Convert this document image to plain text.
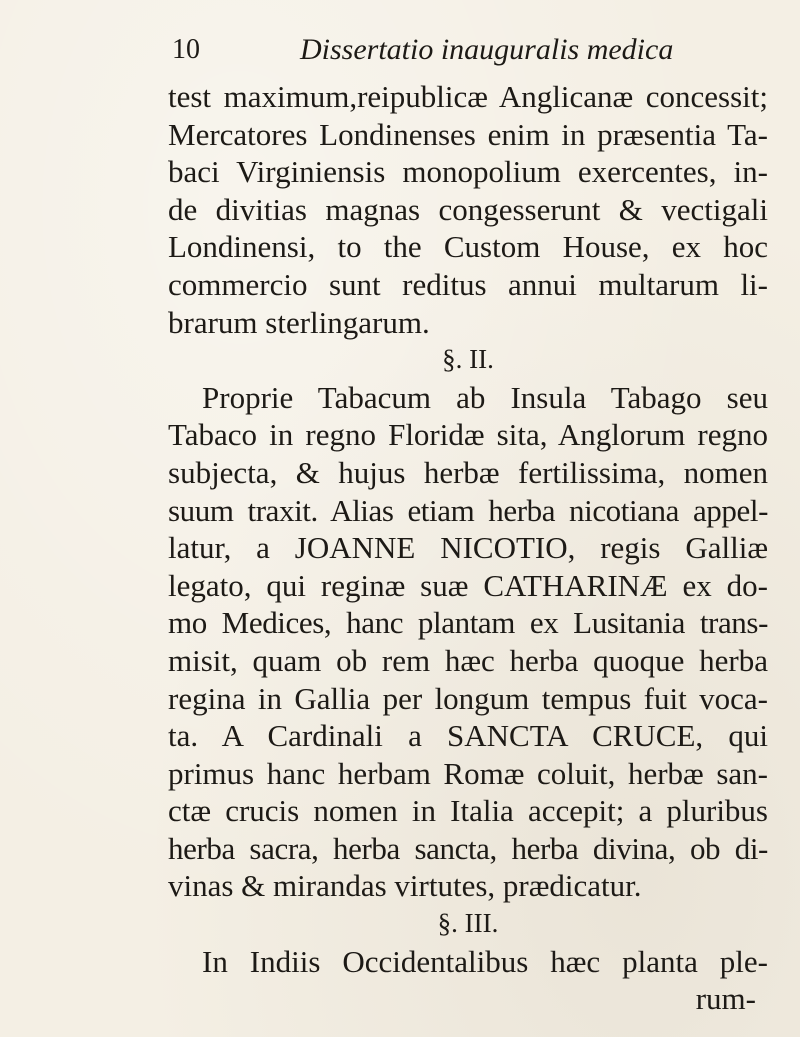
10	Dissertatio inauguralis medica
test maximum,reipublicæ Anglicanæ concessit;
Mercatores Londinenses enim in præsentia Ta-
baci Virginiensis monopolium exercentes, in-
de divitias magnas congesserunt & vectigali
Londinensi, to the Custom House, ex hoc
commercio sunt reditus annui multarum li-
brarum sterlingarum.
§. II.
Proprie Tabacum ab Insula Tabago seu
Tabaco in regno Floridæ sita, Anglorum regno
subjecta, & hujus herbæ fertilissima, nomen
suum traxit. Alias etiam herba nicotiana appel-
latur, a JOANNE NICOTIO, regis Galliæ
legato, qui reginæ suæ CATHARINÆ ex do-
mo Medices, hanc plantam ex Lusitania trans-
misit, quam ob rem hæc herba quoque herba
regina in Gallia per longum tempus fuit voca-
ta. A Cardinali a SANCTA CRUCE, qui
primus hanc herbam Romæ coluit, herbæ san-
ctæ crucis nomen in Italia accepit; a pluribus
herba sacra, herba sancta, herba divina, ob di-
vinas & mirandas virtutes, prædicatur.
§. III.
In Indiis Occidentalibus hæc planta ple-
rum-
